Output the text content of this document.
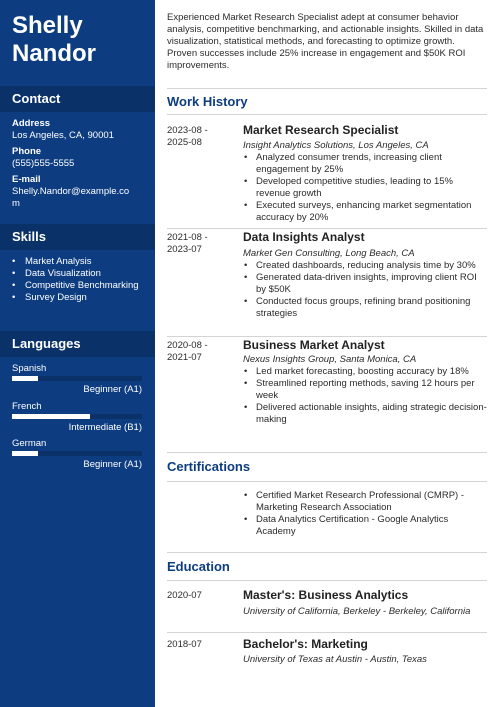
Shelly
Nandor
Contact
Address
Los Angeles, CA, 90001
Phone
(555)555-5555
E-mail
Shelly.Nandor@example.co
m
Skills
• Market Analysis
• Data Visualization
• Competitive Benchmarking
• Survey Design
Languages
Spanish
Beginner (A1)
French
Intermediate (B1)
German
Beginner (A1)

Experienced Market Research Specialist adept at consumer behavior analysis, competitive benchmarking, and actionable insights. Skilled in data visualization, statistical methods, and forecasting to optimize growth. Proven successes include 25% increase in engagement and $50K ROI improvements.

Work History
2023-08 -
2025-08
Market Research Specialist
Insight Analytics Solutions, Los Angeles, CA
• Analyzed consumer trends, increasing client engagement by 25%
• Developed competitive studies, leading to 15% revenue growth
• Executed surveys, enhancing market segmentation accuracy by 20%
2021-08 -
2023-07
Data Insights Analyst
Market Gen Consulting, Long Beach, CA
• Created dashboards, reducing analysis time by 30%
• Generated data-driven insights, improving client ROI by $50K
• Conducted focus groups, refining brand positioning strategies
2020-08 -
2021-07
Business Market Analyst
Nexus Insights Group, Santa Monica, CA
• Led market forecasting, boosting accuracy by 18%
• Streamlined reporting methods, saving 12 hours per week
• Delivered actionable insights, aiding strategic decision-making
Certifications
• Certified Market Research Professional (CMRP) - Marketing Research Association
• Data Analytics Certification - Google Analytics Academy
Education
2020-07	Master's: Business Analytics
University of California, Berkeley - Berkeley, California
2018-07	Bachelor's: Marketing
University of Texas at Austin - Austin, Texas
